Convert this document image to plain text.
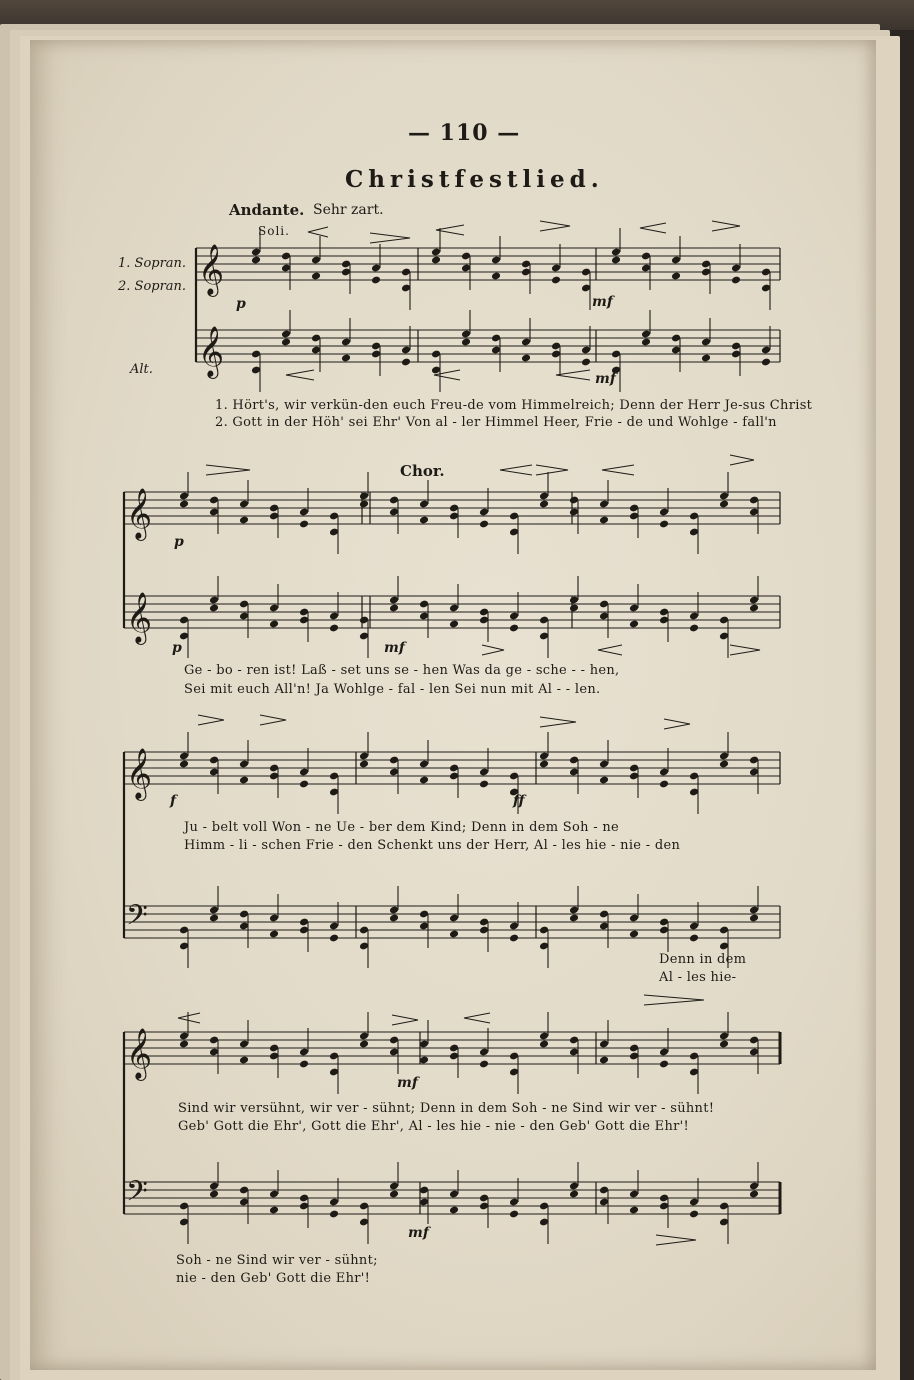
𝄞
𝄞
𝄞
𝄞
𝄞
𝄢
𝄞
𝄢
— 110 —
Christfestlied.
Andante. Sehr zart.
Soli.
1. Sopran.
2. Sopran.
Alt.
p	mf
mf
1. Hört's, wir verkün-den euch Freu-de vom Himmelreich; Denn der Herr Je-sus Christ
2. Gott in der Höh' sei Ehr' Von al - ler Himmel Heer, Frie - de und Wohlge - fall'n
Chor.
p
p	mf
Ge - bo - ren ist! Laß - set uns se - hen Was da ge - sche - - hen,
Sei mit euch All'n! Ja Wohlge - fal - len Sei nun mit Al - - len.
f	ff
Ju - belt voll Won - ne Ue - ber dem Kind; Denn in dem Soh - ne
Himm - li - schen Frie - den Schenkt uns der Herr, Al - les hie - nie - den
Denn in dem
Al - les hie-
mf
mf
Sind wir versühnt, wir ver - sühnt; Denn in dem Soh - ne Sind wir ver - sühnt!
Geb' Gott die Ehr', Gott die Ehr', Al - les hie - nie - den Geb' Gott die Ehr'!
Soh - ne Sind wir ver - sühnt;
nie - den Geb' Gott die Ehr'!
